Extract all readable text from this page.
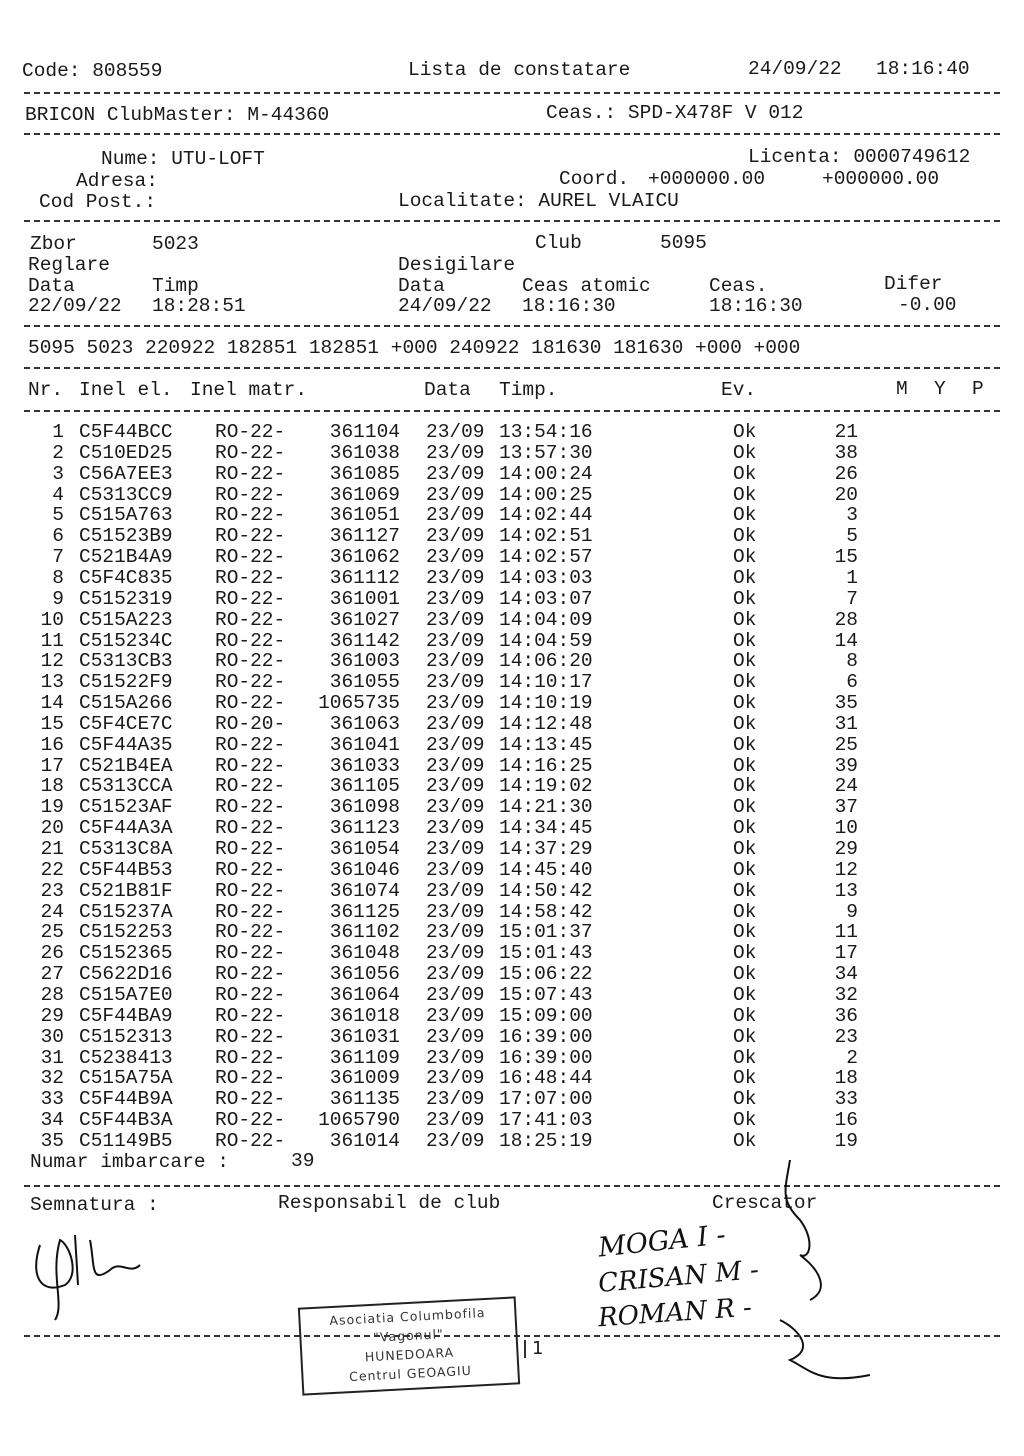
Code: 808559	Lista de constatare	24/09/22 18:16:40
BRICON ClubMaster: M-44360	Ceas.: SPD-X478F V 012
Nume: UTU-LOFT	Licenta: 0000749612
Adresa:	Coord. +000000.00	+000000.00
Cod Post.:	Localitate: AUREL VLAICU
Zbor	5023	Club	5095
Reglare	Desigilare
Data	Timp	Data	Ceas atomic	Ceas.	Difer
22/09/22 18:28:51	24/09/22 18:16:30	18:16:30	-0.00
5095 5023 220922 182851 182851 +000 240922 181630 181630 +000 +000
Nr. Inel el. Inel matr.	Data Timp.	Ev.	M Y P
1 C5F44BCC RO-22- 361104 23/09 13:54:16	Ok	21
2 C510ED25 RO-22- 361038 23/09 13:57:30	Ok	38
3 C56A7EE3 RO-22- 361085 23/09 14:00:24	Ok	26
4 C5313CC9 RO-22- 361069 23/09 14:00:25	Ok	20
5 C515A763 RO-22- 361051 23/09 14:02:44	Ok	3
6 C51523B9 RO-22- 361127 23/09 14:02:51	Ok	5
7 C521B4A9 RO-22- 361062 23/09 14:02:57	Ok	15
8 C5F4C835 RO-22- 361112 23/09 14:03:03	Ok	1
9 C5152319 RO-22- 361001 23/09 14:03:07	Ok	7
10 C515A223 RO-22- 361027 23/09 14:04:09	Ok	28
11 C515234C RO-22- 361142 23/09 14:04:59	Ok	14
12 C5313CB3 RO-22- 361003 23/09 14:06:20	Ok	8
13 C51522F9 RO-22- 361055 23/09 14:10:17	Ok	6
14 C515A266 RO-22- 1065735 23/09 14:10:19	Ok	35
15 C5F4CE7C RO-20- 361063 23/09 14:12:48	Ok	31
16 C5F44A35 RO-22- 361041 23/09 14:13:45	Ok	25
17 C521B4EA RO-22- 361033 23/09 14:16:25	Ok	39
18 C5313CCA RO-22- 361105 23/09 14:19:02	Ok	24
19 C51523AF RO-22- 361098 23/09 14:21:30	Ok	37
20 C5F44A3A RO-22- 361123 23/09 14:34:45	Ok	10
21 C5313C8A RO-22- 361054 23/09 14:37:29	Ok	29
22 C5F44B53 RO-22- 361046 23/09 14:45:40	Ok	12
23 C521B81F RO-22- 361074 23/09 14:50:42	Ok	13
24 C515237A RO-22- 361125 23/09 14:58:42	Ok	9
25 C5152253 RO-22- 361102 23/09 15:01:37	Ok	11
26 C5152365 RO-22- 361048 23/09 15:01:43	Ok	17
27 C5622D16 RO-22- 361056 23/09 15:06:22	Ok	34
28 C515A7E0 RO-22- 361064 23/09 15:07:43	Ok	32
29 C5F44BA9 RO-22- 361018 23/09 15:09:00	Ok	36
30 C5152313 RO-22- 361031 23/09 16:39:00	Ok	23
31 C5238413 RO-22- 361109 23/09 16:39:00	Ok	2
32 C515A75A RO-22- 361009 23/09 16:48:44	Ok	18
33 C5F44B9A RO-22- 361135 23/09 17:07:00	Ok	33
34 C5F44B3A RO-22- 1065790 23/09 17:41:03	Ok	16
35 C51149B5 RO-22- 361014 23/09 18:25:19	Ok	19
Numar imbarcare :	39
Semnatura :	Responsabil de club	Crescator
MOGA I -
CRISAN M -
ROMAN R -
Asociatia Columbofila
"Vagonul"
HUNEDOARA
Centrul GEOAGIU
1
